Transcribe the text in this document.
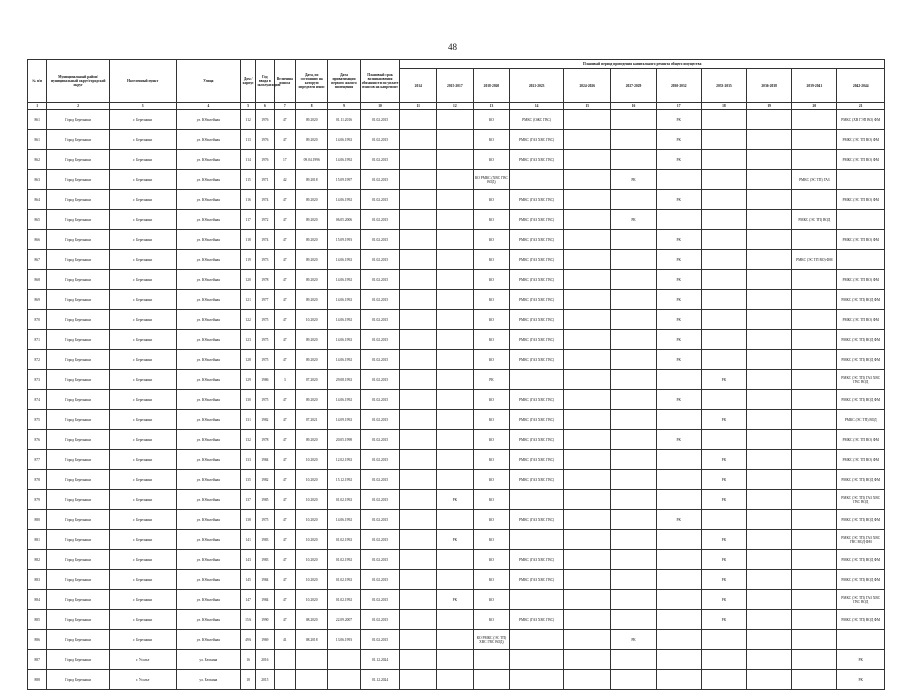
48
№ п/п	Муниципальный район/ муниципальный округ/городской округ	Населенный пункт	Улица	Дом / корпус	Год ввода в эксплуатацию	Величина износа	Дата, по состоянию на которую определен износ	Дата приватизации первого жилого помещения	Плановый срок возникновения обязанности по уплате взносов на капремонт	Плановый период проведения капитального ремонта общего имущества										
										2014	2015-2017	2018-2020	2021-2023	2024-2026	2027-2029	2030-2032	2033-2035	2036-2038	2039-2041	2042-2044
1	2	3	4	5	6	7	8	9	10	11	12	13	14	15	16	17	18	19	20	21
861	Город Березники	г. Березники	ул. Юбилейная	112	1976	47	09.2020	01.11.2016	01.02.2015			КО	РМКС (ОЖС ГВС)			РК				РМКС (ХВ ГЭП ВО) ФМ
861	Город Березники	г. Березники	ул. Юбилейная	113	1976	47	09.2020	14.06.1992	01.02.2015			КО	РМКС (ГАЗ ХВС ГВС)			РК				РМКС (ЭС ТП ВО) ФМ
862	Город Березники	г. Березники	ул. Юбилейная	114	1976	17	09.04.1996	14.06.1992	01.02.2015			КО	РМКС (ГАЗ ХВС ГВС)			РК				РМКС (ЭС ТП ВО) ФМ
863	Город Березники	г. Березники	ул. Юбилейная	115	1971	42	09.2018	15.09.1997	01.02.2015			КО РМКС (ХВС ГВС ВОД)			РК				РМКС (ЭС ТП) ГАЗ	
864	Город Березники	г. Березники	ул. Юбилейная	116	1974	47	09.2020	14.06.1992	01.02.2015			КО	РМКС (ГАЗ ХВС ГВС)			РК				РМКС (ЭС ТП ВО) ФМ
865	Город Березники	г. Березники	ул. Юбилейная	117	1972	47	09.2020	06.05.2006	01.02.2015			КО	РМКС (ГАЗ ХВС ГВС)		РК				РМКС (ЭС ТП) ВОД	
866	Город Березники	г. Березники	ул. Юбилейная	118	1974	47	09.2020	15.09.1993	01.02.2015			КО	РМКС (ГАЗ ХВС ГВС)			РК				РМКС (ЭС ТП ВО) ФМ
867	Город Березники	г. Березники	ул. Юбилейная	119	1973	47	09.2020	14.06.1992	01.02.2015			КО	РМКС (ГАЗ ХВС ГВС)			РК			РМКС (ЭС ТП ВО) ФМ	
868	Город Березники	г. Березники	ул. Юбилейная	120	1978	47	09.2020	14.06.1992	01.02.2015			КО	РМКС (ГАЗ ХВС ГВС)			РК				РМКС (ЭС ТП ВО) ФМ
869	Город Березники	г. Березники	ул. Юбилейная	121	1977	47	09.2020	14.06.1992	01.02.2015			КО	РМКС (ГАЗ ХВС ГВС)			РК				РМКС (ЭС ТП) ВОД ФМ
870	Город Березники	г. Березники	ул. Юбилейная	122	1975	47	10.2020	14.06.1992	01.02.2015			КО	РМКС (ГАЗ ХВС ГВС)			РК				РМКС (ЭС ТП ВО) ФМ
871	Город Березники	г. Березники	ул. Юбилейная	123	1975	47	09.2020	14.06.1992	01.02.2015			КО	РМКС (ГАЗ ХВС ГВС)			РК				РМКС (ЭС ТП) ВОД ФМ
872	Город Березники	г. Березники	ул. Юбилейная	128	1975	47	09.2020	14.06.1992	01.02.2015			КО	РМКС (ГАЗ ХВС ГВС)			РК				РМКС (ЭС ТП) ВОД ФМ
873	Город Березники	г. Березники	ул. Юбилейная	129	1986	3	07.2020	29.08.1992	01.02.2015			РК					РК			РМКС (ЭС ТП) ГАЗ ХВС ГВС ВОД
874	Город Березники	г. Березники	ул. Юбилейная	130	1975	47	09.2020	14.06.1992	01.02.2015			КО	РМКС (ГАЗ ХВС ГВС)			РК				РМКС (ЭС ТП) ВОД ФМ
875	Город Березники	г. Березники	ул. Юбилейная	131	1982	47	07.2021	14.09.1992	01.02.2015			КО	РМКС (ГАЗ ХВС ГВС)				РК			РМКС (ЭС ТП) ВОД
876	Город Березники	г. Березники	ул. Юбилейная	132	1978	47	09.2020	20.05.1998	01.02.2015			КО	РМКС (ГАЗ ХВС ГВС)			РК				РМКС (ЭС ТП ВО) ФМ
877	Город Березники	г. Березники	ул. Юбилейная	133	1984	47	10.2020	12.02.1992	01.02.2015			КО	РМКС (ГАЗ ХВС ГВС)				РК			РМКС (ЭС ТП ВО) ФМ
878	Город Березники	г. Березники	ул. Юбилейная	135	1982	47	10.2020	15.12.1992	01.02.2015			КО	РМКС (ГАЗ ХВС ГВС)				РК			РМКС (ЭС ТП) ВОД ФМ
879	Город Березники	г. Березники	ул. Юбилейная	137	1985	47	10.2020	01.02.1992	01.02.2015		РК	КО					РК			РМКС (ЭС ТП) ГАЗ ХВС ГВС ВОД
880	Город Березники	г. Березники	ул. Юбилейная	138	1975	47	10.2020	14.06.1992	01.02.2015			КО	РМКС (ГАЗ ХВС ГВС)			РК				РМКС (ЭС ТП) ВОД ФМ
881	Город Березники	г. Березники	ул. Юбилейная	141	1983	47	10.2020	01.02.1992	01.02.2015		РК	КО					РК			РМКС (ЭС ТП) ГАЗ ХВС ГВС ВОД ФМ
882	Город Березники	г. Березники	ул. Юбилейная	143	1983	47	10.2020	01.02.1992	01.02.2015			КО	РМКС (ГАЗ ХВС ГВС)				РК			РМКС (ЭС ТП) ВОД ФМ
883	Город Березники	г. Березники	ул. Юбилейная	145	1984	47	10.2020	01.02.1992	01.02.2015			КО	РМКС (ГАЗ ХВС ГВС)				РК			РМКС (ЭС ТП) ВОД ФМ
884	Город Березники	г. Березники	ул. Юбилейная	147	1984	47	10.2020	01.02.1992	01.02.2015		РК	КО					РК			РМКС (ЭС ТП) ГАЗ ХВС ГВС ВОД
885	Город Березники	г. Березники	ул. Юбилейная	15А	1990	47	08.2020	22.09.2007	01.02.2015			КО	РМКС (ГАЗ ХВС ГВС)				РК			РМКС (ЭС ТП) ВОД ФМ
886	Город Березники	г. Березники	ул. Юбилейная	49А	1969	41	08.2018	13.06.1993	01.02.2015			КО РМКС (ЭС ТП) ХВС ГВС ВОД)			РК					
887	Город Березники	г. Усолье	ул. Белкина	16	2016				01.12.2024											РК
888	Город Березники	г. Усолье	ул. Белкина	18	2015				01.12.2024											РК
